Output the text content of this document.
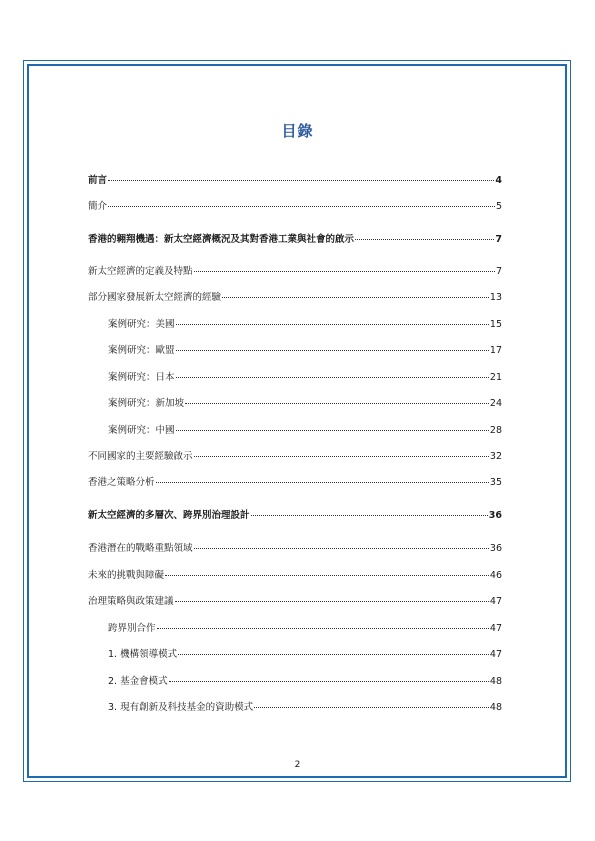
目錄
前言	4
簡介	5
香港的翱翔機遇：新太空經濟概況及其對香港工業與社會的啟示	7
新太空經濟的定義及特點	7
部分國家發展新太空經濟的經驗	13
案例研究：美國	15
案例研究：歐盟	17
案例研究：日本	21
案例研究：新加坡	24
案例研究：中國	28
不同國家的主要經驗啟示	32
香港之策略分析	35
新太空經濟的多層次、跨界別治理設計	36
香港潛在的戰略重點領域	36
未來的挑戰與障礙	46
治理策略與政策建議	47
跨界別合作	47
1. 機構領導模式	47
2. 基金會模式	48
3. 現有創新及科技基金的資助模式	48
2
